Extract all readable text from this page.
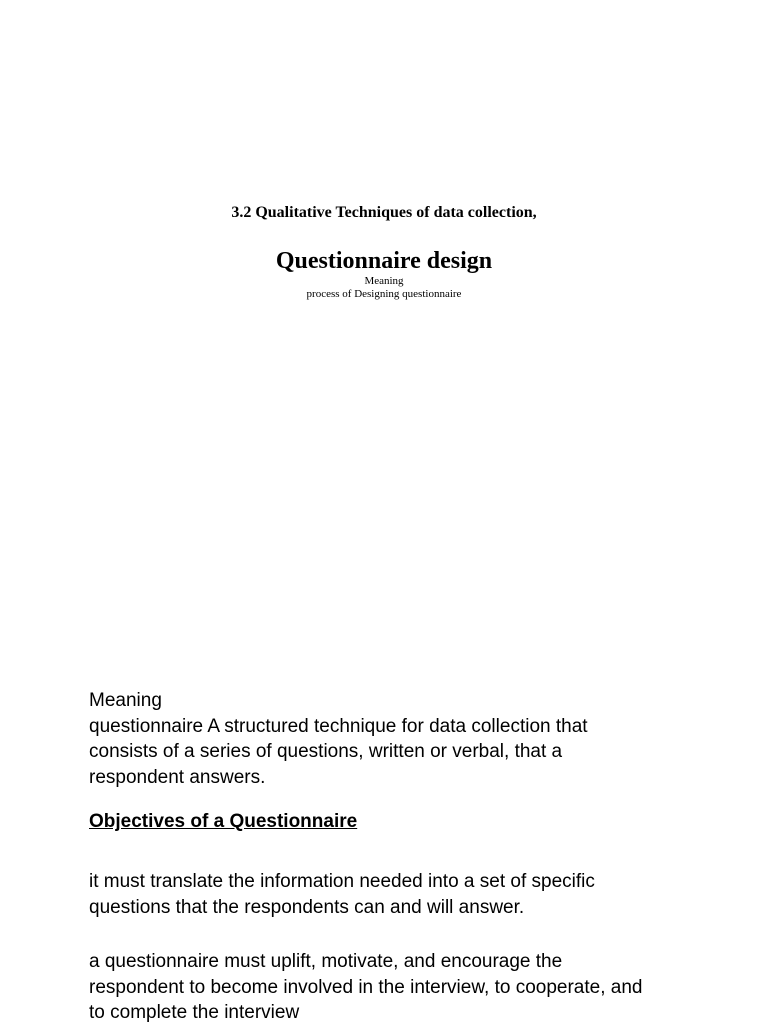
3.2 Qualitative Techniques of data collection,
Questionnaire design
Meaning
process of Designing questionnaire

Meaning

questionnaire A structured technique for data collection that

consists of a series of questions, written or verbal, that a

respondent answers.

Objectives of a Questionnaire

it must translate the information needed into a set of specific

questions that the respondents can and will answer.

a questionnaire must uplift, motivate, and encourage the

respondent to become involved in the interview, to cooperate, and

to complete the interview
